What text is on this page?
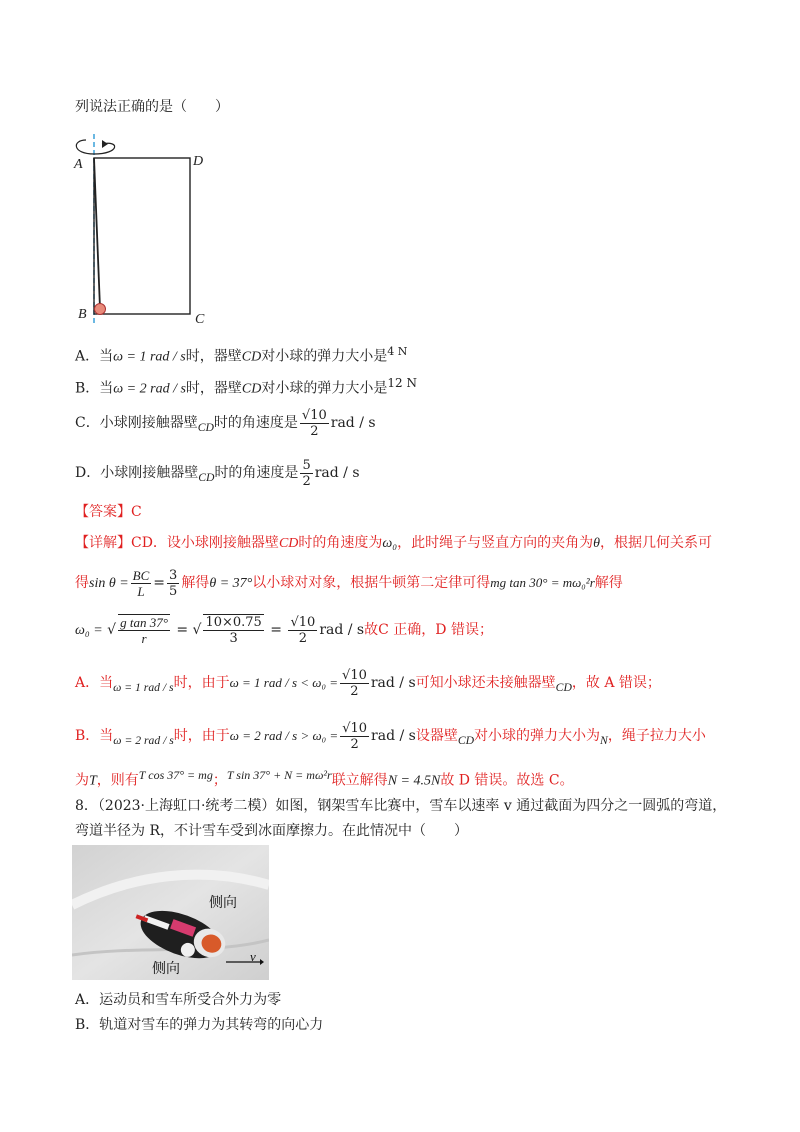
列说法正确的是（　　）
A	D
B	C
A．当ω = 1 rad / s时，器壁CD对小球的弹力大小是$^{4 N}$
B．当ω = 2 rad / s时，器壁CD对小球的弹力大小是$^{12 N}$
C．小球刚接触器壁$_{CD}$时的角速度是 $\frac{√10}{2}$ rad / s
D．小球刚接触器壁$_{CD}$时的角速度是 $\frac{5}{2}$ rad / s
【答案】C
【详解】CD．设小球刚接触器壁CD时的角速度为ω₀，此时绳子与竖直方向的夹角为θ，根据几何关系可
得$\sin \theta = \frac{BC}{L} = \frac{3}{5}$ 解得θ = 37°以小球对对象，根据牛顿第二定律可得mg tan 30° = mω₀²r解得
ω₀ = √ $\frac{\text{g tan 37°}}{r}$ = √ $\frac{10\times 0.75}{3} = \frac{√10}{2}$ rad / s故C 正确，D 错误；
A．当$_{\omega = 1 rad / s}$时，由于ω = 1 rad / $s < \omega_0 = \frac{√10}{2}$ rad / s可知小球还未接触器壁$_{CD}$，故 A 错误；
B．当$_{\omega = 2 rad / s}$时，由于ω = 2 rad / $s > \omega_0 = \frac{√10}{2}$ rad / s设器壁$_{CD}$对小球的弹力大小为$_N$，绳子拉力大小
为T，则有$^{T cos 37^\circ = mg}$；$^{T sin 37^\circ + N = m\omega^2r}$联立解得N = 4.5N故 D 错误。故选 C。
8．（2023·上海虹口·统考二模）如图，钢架雪车比赛中，雪车以速率 v 通过截面为四分之一圆弧的弯道，
弯道半径为 R，不计雪车受到冰面摩擦力。在此情况中（　　）
侧向
侧向
v
A．运动员和雪车所受合外力为零
B．轨道对雪车的弹力为其转弯的向心力
